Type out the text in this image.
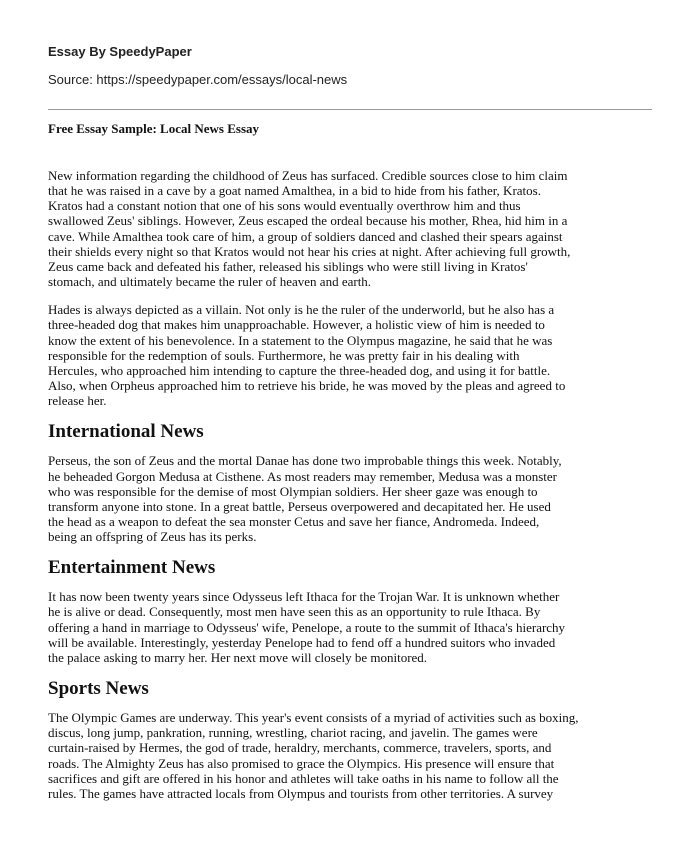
Essay By SpeedyPaper
Source: https://speedypaper.com/essays/local-news
Free Essay Sample: Local News Essay

New information regarding the childhood of Zeus has surfaced. Credible sources close to him claim
that he was raised in a cave by a goat named Amalthea, in a bid to hide from his father, Kratos.
Kratos had a constant notion that one of his sons would eventually overthrow him and thus
swallowed Zeus' siblings. However, Zeus escaped the ordeal because his mother, Rhea, hid him in a
cave. While Amalthea took care of him, a group of soldiers danced and clashed their spears against
their shields every night so that Kratos would not hear his cries at night. After achieving full growth,
Zeus came back and defeated his father, released his siblings who were still living in Kratos'
stomach, and ultimately became the ruler of heaven and earth.

Hades is always depicted as a villain. Not only is he the ruler of the underworld, but he also has a
three-headed dog that makes him unapproachable. However, a holistic view of him is needed to
know the extent of his benevolence. In a statement to the Olympus magazine, he said that he was
responsible for the redemption of souls. Furthermore, he was pretty fair in his dealing with
Hercules, who approached him intending to capture the three-headed dog, and using it for battle.
Also, when Orpheus approached him to retrieve his bride, he was moved by the pleas and agreed to
release her.

International News

Perseus, the son of Zeus and the mortal Danae has done two improbable things this week. Notably,
he beheaded Gorgon Medusa at Cisthene. As most readers may remember, Medusa was a monster
who was responsible for the demise of most Olympian soldiers. Her sheer gaze was enough to
transform anyone into stone. In a great battle, Perseus overpowered and decapitated her. He used
the head as a weapon to defeat the sea monster Cetus and save her fiance, Andromeda. Indeed,
being an offspring of Zeus has its perks.

Entertainment News

It has now been twenty years since Odysseus left Ithaca for the Trojan War. It is unknown whether
he is alive or dead. Consequently, most men have seen this as an opportunity to rule Ithaca. By
offering a hand in marriage to Odysseus' wife, Penelope, a route to the summit of Ithaca's hierarchy
will be available. Interestingly, yesterday Penelope had to fend off a hundred suitors who invaded
the palace asking to marry her. Her next move will closely be monitored.

Sports News

The Olympic Games are underway. This year's event consists of a myriad of activities such as boxing,
discus, long jump, pankration, running, wrestling, chariot racing, and javelin. The games were
curtain-raised by Hermes, the god of trade, heraldry, merchants, commerce, travelers, sports, and
roads. The Almighty Zeus has also promised to grace the Olympics. His presence will ensure that
sacrifices and gift are offered in his honor and athletes will take oaths in his name to follow all the
rules. The games have attracted locals from Olympus and tourists from other territories. A survey
